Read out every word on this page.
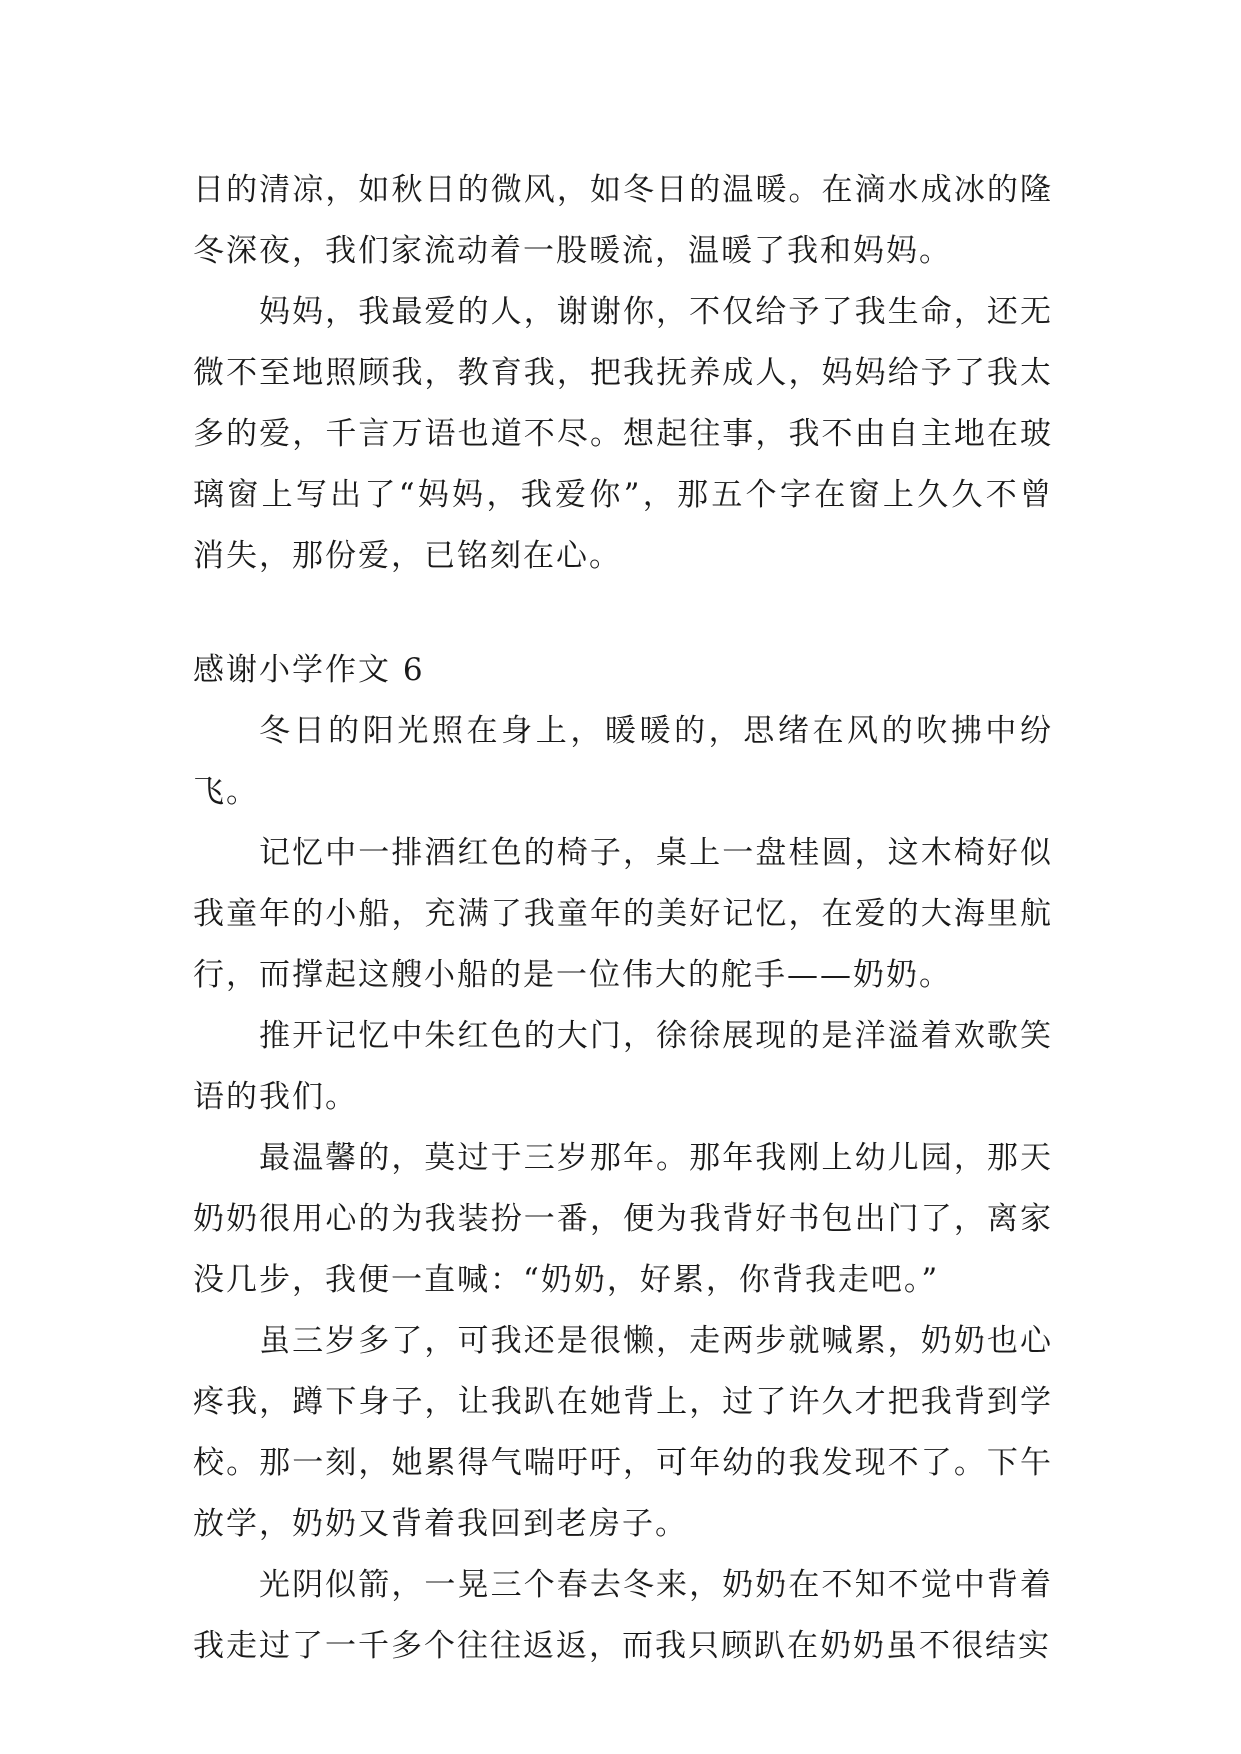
日的清凉，如秋日的微风，如冬日的温暖。在滴水成冰的隆冬深夜，我们家流动着一股暖流，温暖了我和妈妈。

妈妈，我最爱的人，谢谢你，不仅给予了我生命，还无微不至地照顾我，教育我，把我抚养成人，妈妈给予了我太多的爱，千言万语也道不尽。想起往事，我不由自主地在玻璃窗上写出了“妈妈，我爱你”，那五个字在窗上久久不曾消失，那份爱，已铭刻在心。

感谢小学作文 6

冬日的阳光照在身上，暖暖的，思绪在风的吹拂中纷飞。

记忆中一排酒红色的椅子，桌上一盘桂圆，这木椅好似我童年的小船，充满了我童年的美好记忆，在爱的大海里航行，而撑起这艘小船的是一位伟大的舵手——奶奶。

推开记忆中朱红色的大门，徐徐展现的是洋溢着欢歌笑语的我们。

最温馨的，莫过于三岁那年。那年我刚上幼儿园，那天奶奶很用心的为我装扮一番，便为我背好书包出门了，离家没几步，我便一直喊：“奶奶，好累，你背我走吧。”

虽三岁多了，可我还是很懒，走两步就喊累，奶奶也心疼我，蹲下身子，让我趴在她背上，过了许久才把我背到学校。那一刻，她累得气喘吁吁，可年幼的我发现不了。下午放学，奶奶又背着我回到老房子。

光阴似箭，一晃三个春去冬来，奶奶在不知不觉中背着我走过了一千多个往往返返，而我只顾趴在奶奶虽不很结实
